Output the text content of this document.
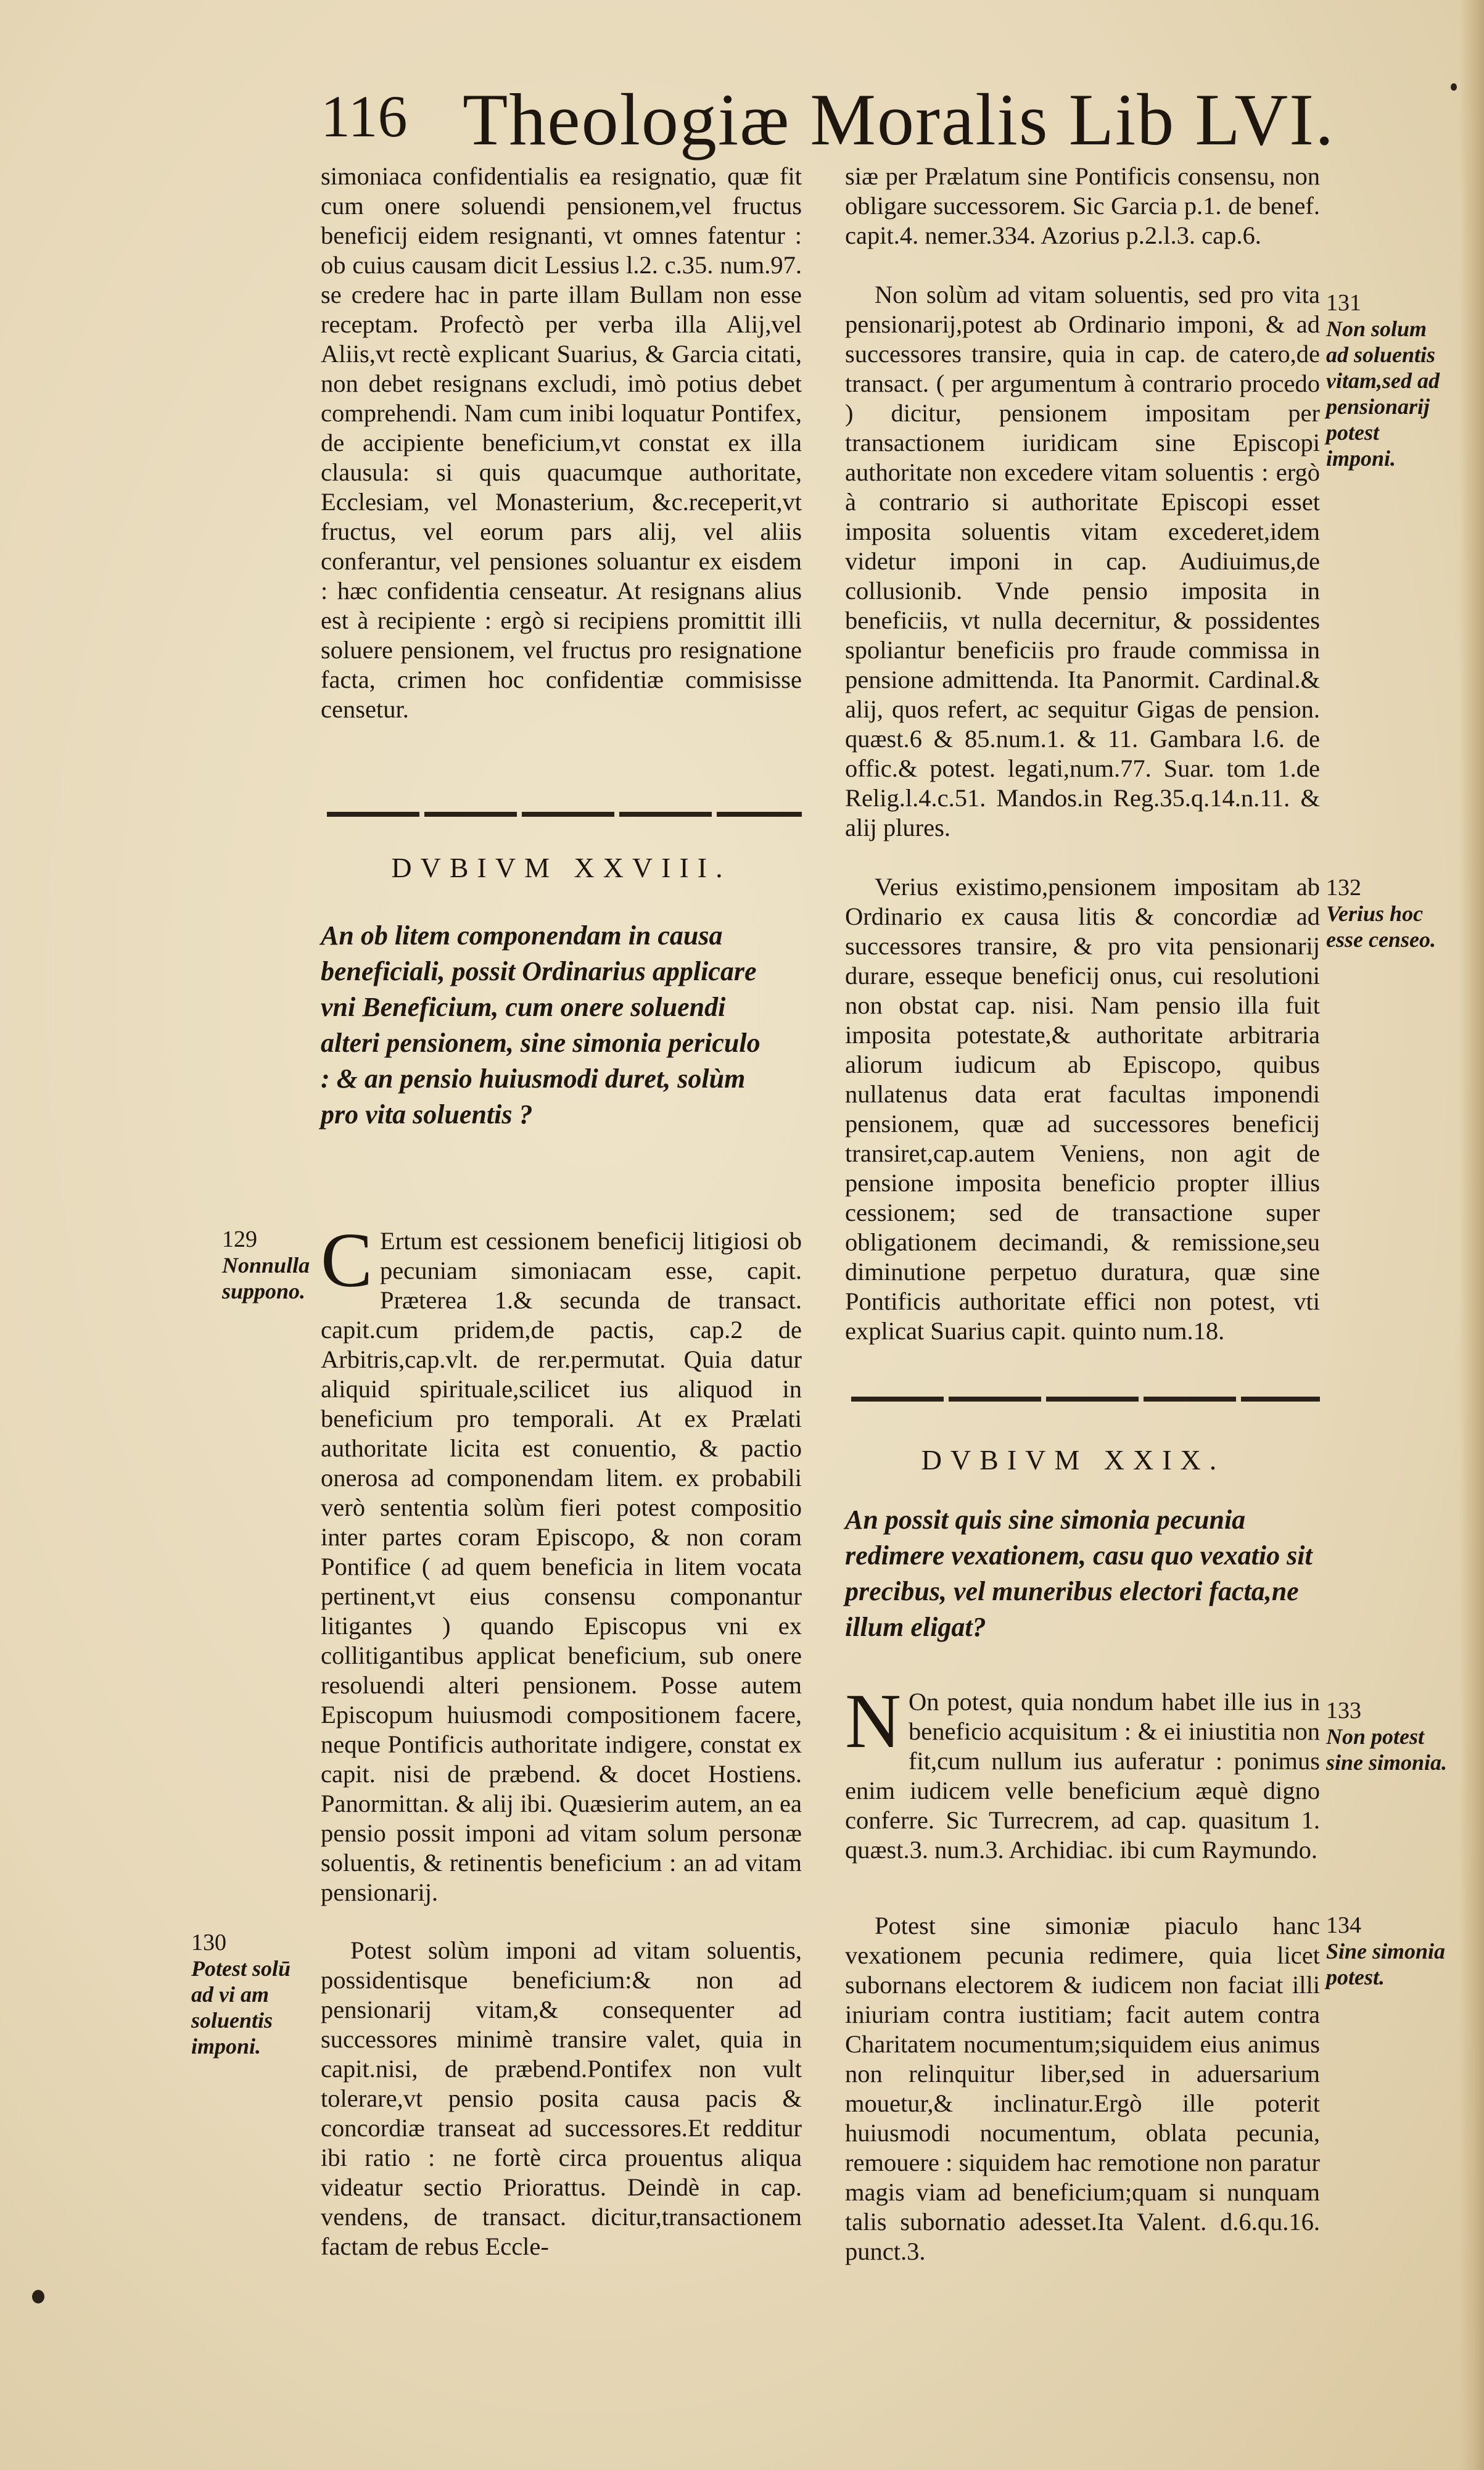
116 Theologiæ Moralis Lib LVI.

simoniaca confidentialis ea resignatio, quæ fit cum onere soluendi pensionem,vel fructus beneficij eidem resignanti, vt omnes fatentur : ob cuius causam dicit Lessius l.2. c.35. num.97. se credere hac in parte illam Bullam non esse receptam. Profectò per verba illa Alij,vel Aliis,vt rectè explicant Suarius, & Garcia citati, non debet resignans excludi, imò potius debet comprehendi. Nam cum inibi loquatur Pontifex, de accipiente beneficium,vt constat ex illa clausula: si quis quacumque authoritate, Ecclesiam, vel Monasterium, &c.receperit,vt fructus, vel eorum pars alij, vel aliis conferantur, vel pensiones soluantur ex eisdem : hæc confidentia censeatur. At resignans alius est à recipiente : ergò si recipiens promittit illi soluere pensionem, vel fructus pro resignatione facta, crimen hoc confidentiæ commisisse censetur.

DVBIVM XXVIII.
An ob litem componendam in causa beneficiali, possit Ordinarius applicare vni Beneficium, cum onere soluendi alteri pensionem, sine simonia periculo : & an pensio huiusmodi duret, solùm pro vita soluentis ?

C Ertum est cessionem beneficij litigiosi ob pecuniam simoniacam esse, capit. Præterea 1.& secunda de transact. capit.cum pridem,de pactis, cap.2 de Arbitris,cap.vlt. de rer.permutat. Quia datur aliquid spirituale,scilicet ius aliquod in beneficium pro temporali. At ex Prælati authoritate licita est conuentio, & pactio onerosa ad componendam litem. ex probabili verò sententia solùm fieri potest compositio inter partes coram Episcopo, & non coram Pontifice ( ad quem beneficia in litem vocata pertinent,vt eius consensu componantur litigantes ) quando Episcopus vni ex collitigantibus applicat beneficium, sub onere resoluendi alteri pensionem. Posse autem Episcopum huiusmodi compositionem facere, neque Pontificis authoritate indigere, constat ex capit. nisi de præbend. & docet Hostiens. Panormittan. & alij ibi. Quæsierim autem, an ea pensio possit imponi ad vitam solum personæ soluentis, & retinentis beneficium : an ad vitam pensionarij.

Potest solùm imponi ad vitam soluentis, possidentisque beneficium:& non ad pensionarij vitam,& consequenter ad successores minimè transire valet, quia in capit.nisi, de præbend.Pontifex non vult tolerare,vt pensio posita causa pacis & concordiæ transeat ad successores.Et redditur ibi ratio : ne fortè circa prouentus aliqua videatur sectio Priorattus. Deindè in cap. vendens, de transact. dicitur,transactionem factam de rebus Eccle-

siæ per Prælatum sine Pontificis consensu, non obligare successorem. Sic Garcia p.1. de benef. capit.4. nemer.334. Azorius p.2.l.3. cap.6.

Non solùm ad vitam soluentis, sed pro vita pensionarij,potest ab Ordinario imponi, & ad successores transire, quia in cap. de catero,de transact. ( per argumentum à contrario procedo ) dicitur, pensionem impositam per transactionem iuridicam sine Episcopi authoritate non excedere vitam soluentis : ergò à contrario si authoritate Episcopi esset imposita soluentis vitam excederet,idem videtur imponi in cap. Audiuimus,de collusionib. Vnde pensio imposita in beneficiis, vt nulla decernitur, & possidentes spoliantur beneficiis pro fraude commissa in pensione admittenda. Ita Panormit. Cardinal.& alij, quos refert, ac sequitur Gigas de pension. quæst.6 & 85.num.1. & 11. Gambara l.6. de offic.& potest. legati,num.77. Suar. tom 1.de Relig.l.4.c.51. Mandos.in Reg.35.q.14.n.11. & alij plures.

Verius existimo,pensionem impositam ab Ordinario ex causa litis & concordiæ ad successores transire, & pro vita pensionarij durare, esseque beneficij onus, cui resolutioni non obstat cap. nisi. Nam pensio illa fuit imposita potestate,& authoritate arbitraria aliorum iudicum ab Episcopo, quibus nullatenus data erat facultas imponendi pensionem, quæ ad successores beneficij transiret,cap.autem Veniens, non agit de pensione imposita beneficio propter illius cessionem; sed de transactione super obligationem decimandi, & remissione,seu diminutione perpetuo duratura, quæ sine Pontificis authoritate effici non potest, vti explicat Suarius capit. quinto num.18.

DVBIVM XXIX.
An possit quis sine simonia pecunia redimere vexationem, casu quo vexatio sit precibus, vel muneribus electori facta,ne illum eligat?

N On potest, quia nondum habet ille ius in beneficio acquisitum : & ei iniustitia non fit,cum nullum ius auferatur : ponimus enim iudicem velle beneficium æquè digno conferre. Sic Turrecrem, ad cap. quasitum 1. quæst.3. num.3. Archidiac. ibi cum Raymundo.

Potest sine simoniæ piaculo hanc vexationem pecunia redimere, quia licet subornans electorem & iudicem non faciat illi iniuriam contra iustitiam; facit autem contra Charitatem nocumentum;siquidem eius animus non relinquitur liber,sed in aduersarium mouetur,& inclinatur.Ergò ille poterit huiusmodi nocumentum, oblata pecunia, remouere : siquidem hac remotione non paratur magis viam ad beneficium;quam si nunquam talis subornatio adesset.Ita Valent. d.6.qu.16. punct.3.

129
Nonnulla suppono.
130
Potest solū ad vi am soluentis imponi.
131
Non solum ad soluentis vitam,sed ad pensionarij potest imponi.
132
Verius hoc esse censeo.
133
Non potest sine simonia.
134
Sine simonia potest.
